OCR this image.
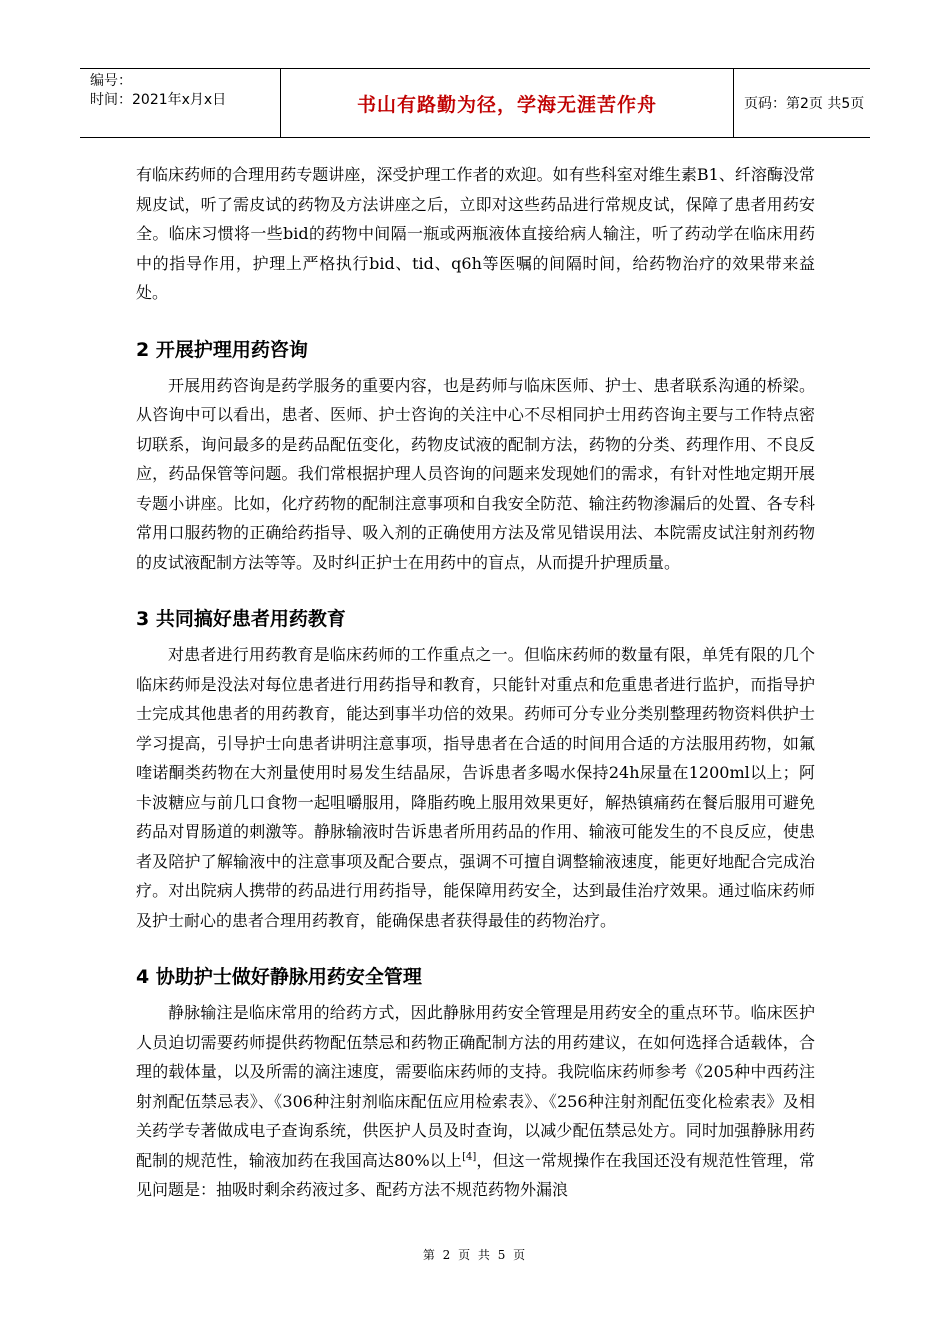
编号：
时间：2021年x月x日	书山有路勤为径，学海无涯苦作舟	页码：第2页 共5页

有临床药师的合理用药专题讲座，深受护理工作者的欢迎。如有些科室对维生素B1、纤溶酶没常规皮试，听了需皮试的药物及方法讲座之后，立即对这些药品进行常规皮试，保障了患者用药安全。临床习惯将一些bid的药物中间隔一瓶或两瓶液体直接给病人输注，听了药动学在临床用药中的指导作用，护理上严格执行bid、tid、q6h等医嘱的间隔时间，给药物治疗的效果带来益处。

2 开展护理用药咨询

开展用药咨询是药学服务的重要内容，也是药师与临床医师、护士、患者联系沟通的桥梁。从咨询中可以看出，患者、医师、护士咨询的关注中心不尽相同护士用药咨询主要与工作特点密切联系，询问最多的是药品配伍变化，药物皮试液的配制方法，药物的分类、药理作用、不良反应，药品保管等问题。我们常根据护理人员咨询的问题来发现她们的需求，有针对性地定期开展专题小讲座。比如，化疗药物的配制注意事项和自我安全防范、输注药物渗漏后的处置、各专科常用口服药物的正确给药指导、吸入剂的正确使用方法及常见错误用法、本院需皮试注射剂药物的皮试液配制方法等等。及时纠正护士在用药中的盲点，从而提升护理质量。

3 共同搞好患者用药教育

对患者进行用药教育是临床药师的工作重点之一。但临床药师的数量有限，单凭有限的几个临床药师是没法对每位患者进行用药指导和教育，只能针对重点和危重患者进行监护，而指导护士完成其他患者的用药教育，能达到事半功倍的效果。药师可分专业分类别整理药物资料供护士学习提高，引导护士向患者讲明注意事项，指导患者在合适的时间用合适的方法服用药物，如氟喹诺酮类药物在大剂量使用时易发生结晶尿，告诉患者多喝水保持24h尿量在1200ml以上；阿卡波糖应与前几口食物一起咀嚼服用，降脂药晚上服用效果更好，解热镇痛药在餐后服用可避免药品对胃肠道的刺激等。静脉输液时告诉患者所用药品的作用、输液可能发生的不良反应，使患者及陪护了解输液中的注意事项及配合要点，强调不可擅自调整输液速度，能更好地配合完成治疗。对出院病人携带的药品进行用药指导，能保障用药安全，达到最佳治疗效果。通过临床药师及护士耐心的患者合理用药教育，能确保患者获得最佳的药物治疗。

4 协助护士做好静脉用药安全管理

静脉输注是临床常用的给药方式，因此静脉用药安全管理是用药安全的重点环节。临床医护人员迫切需要药师提供药物配伍禁忌和药物正确配制方法的用药建议，在如何选择合适载体，合理的载体量，以及所需的滴注速度，需要临床药师的支持。我院临床药师参考《205种中西药注射剂配伍禁忌表》、《306种注射剂临床配伍应用检索表》、《256种注射剂配伍变化检索表》及相关药学专著做成电子查询系统，供医护人员及时查询，以减少配伍禁忌处方。同时加强静脉用药配制的规范性，输液加药在我国高达80%以上[4]，但这一常规操作在我国还没有规范性管理，常见问题是：抽吸时剩余药液过多、配药方法不规范药物外漏浪

第 2 页 共 5 页
